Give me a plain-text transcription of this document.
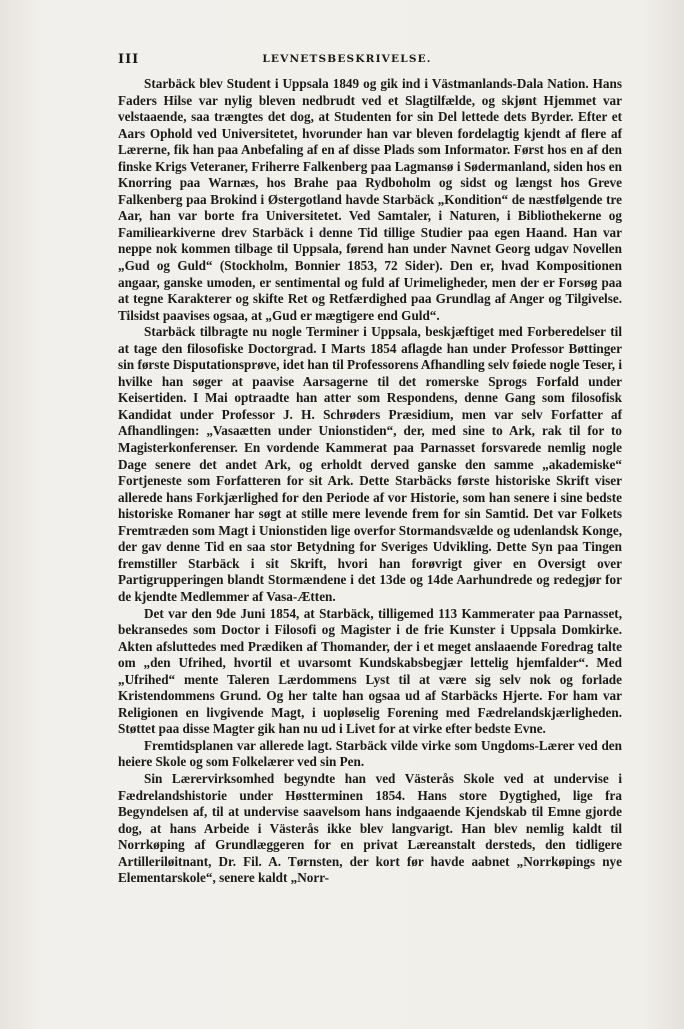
III	LEVNETSBESKRIVELSE.

Starbäck blev Student i Uppsala 1849 og gik ind i Västmanlands-Dala Nation. Hans Faders Hilse var nylig bleven nedbrudt ved et Slagtilfælde, og skjønt Hjemmet var velstaaende, saa trængtes det dog, at Studenten for sin Del lettede dets Byrder. Efter et Aars Ophold ved Universitetet, hvorunder han var bleven fordelagtig kjendt af flere af Lærerne, fik han paa Anbefaling af en af disse Plads som Informator. Først hos en af den finske Krigs Veteraner, Friherre Falkenberg paa Lagmansø i Sødermanland, siden hos en Knorring paa Warnæs, hos Brahe paa Rydboholm og sidst og længst hos Greve Falkenberg paa Brokind i Østergotland havde Starbäck „Kondition“ de næstfølgende tre Aar, han var borte fra Universitetet. Ved Samtaler, i Naturen, i Bibliothekerne og Familiearkiverne drev Starbäck i denne Tid tillige Studier paa egen Haand. Han var neppe nok kommen tilbage til Uppsala, førend han under Navnet Georg udgav Novellen „Gud og Guld“ (Stockholm, Bonnier 1853, 72 Sider). Den er, hvad Kompositionen angaar, ganske umoden, er sentimental og fuld af Urimeligheder, men der er Forsøg paa at tegne Karakterer og skifte Ret og Retfærdighed paa Grundlag af Anger og Tilgivelse. Tilsidst paavises ogsaa, at „Gud er mægtigere end Guld“.

Starbäck tilbragte nu nogle Terminer i Uppsala, beskjæftiget med Forberedelser til at tage den filosofiske Doctorgrad. I Marts 1854 aflagde han under Professor Bøttinger sin første Disputationsprøve, idet han til Professorens Afhandling selv føiede nogle Teser, i hvilke han søger at paavise Aarsagerne til det romerske Sprogs Forfald under Keisertiden. I Mai optraadte han atter som Respondens, denne Gang som filosofisk Kandidat under Professor J. H. Schrøders Præsidium, men var selv Forfatter af Afhandlingen: „Vasaætten under Unionstiden“, der, med sine to Ark, rak til for to Magisterkonferenser. En vordende Kammerat paa Parnasset forsvarede nemlig nogle Dage senere det andet Ark, og erholdt derved ganske den samme „akademiske“ Fortjeneste som Forfatteren for sit Ark. Dette Starbäcks første historiske Skrift viser allerede hans Forkjærlighed for den Periode af vor Historie, som han senere i sine bedste historiske Romaner har søgt at stille mere levende frem for sin Samtid. Det var Folkets Fremtræden som Magt i Unionstiden lige overfor Stormandsvælde og udenlandsk Konge, der gav denne Tid en saa stor Betydning for Sveriges Udvikling. Dette Syn paa Tingen fremstiller Starbäck i sit Skrift, hvori han forøvrigt giver en Oversigt over Partigrupperingen blandt Stormændene i det 13de og 14de Aarhundrede og redegjør for de kjendte Medlemmer af Vasa-Ætten.

Det var den 9de Juni 1854, at Starbäck, tilligemed 113 Kammerater paa Parnasset, bekransedes som Doctor i Filosofi og Magister i de frie Kunster i Uppsala Domkirke. Akten afsluttedes med Prædiken af Thomander, der i et meget anslaaende Foredrag talte om „den Ufrihed, hvortil et uvarsomt Kundskabsbegjær lettelig hjemfalder“. Med „Ufrihed“ mente Taleren Lærdommens Lyst til at være sig selv nok og forlade Kristendommens Grund. Og her talte han ogsaa ud af Starbäcks Hjerte. For ham var Religionen en livgivende Magt, i uopløselig Forening med Fædrelandskjærligheden. Støttet paa disse Magter gik han nu ud i Livet for at virke efter bedste Evne.

Fremtidsplanen var allerede lagt. Starbäck vilde virke som Ungdoms-Lærer ved den heiere Skole og som Folkelærer ved sin Pen.

Sin Lærervirksomhed begyndte han ved Västerås Skole ved at undervise i Fædrelandshistorie under Høstterminen 1854. Hans store Dygtighed, lige fra Begyndelsen af, til at undervise saavelsom hans indgaaende Kjendskab til Emne gjorde dog, at hans Arbeide i Västerås ikke blev langvarigt. Han blev nemlig kaldt til Norrkøping af Grundlæggeren for en privat Læreanstalt dersteds, den tidligere Artilleriløitnant, Dr. Fil. A. Tørnsten, der kort før havde aabnet „Norrkøpings nye Elementarskole“, senere kaldt „Norr-
